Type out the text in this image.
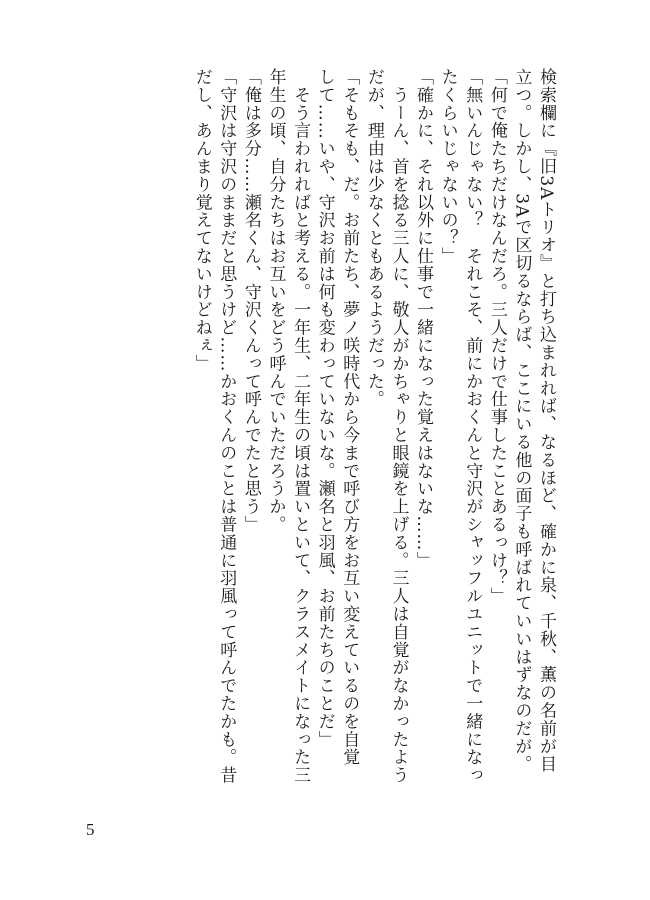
検索欄に『旧3Aトリオ』と打ち込まれれば、なるほど、確かに泉、千秋、薫の名前が目

立つ。しかし、3Aで区切るならば、ここにいる他の面子も呼ばれていいはずなのだが。

「何で俺たちだけなんだろ。三人だけで仕事したことあるっけ？」

「無いんじゃない？　それこそ、前にかおくんと守沢がシャッフルユニットで一緒になっ

たくらいじゃないの？」

「確かに、それ以外に仕事で一緒になった覚えはないな……」

　うーん、首を捻る三人に、敬人がかちゃりと眼鏡を上げる。三人は自覚がなかったよう

だが、理由は少なくともあるようだった。

「そもそも、だ。お前たち、夢ノ咲時代から今まで呼び方をお互い変えているのを自覚

して……いや、守沢お前は何も変わっていないな。瀬名と羽風、お前たちのことだ」

　そう言われればと考える。一年生、二年生の頃は置いといて、クラスメイトになった三

年生の頃、自分たちはお互いをどう呼んでいただろうか。

「俺は多分……瀬名くん、守沢くんって呼んでたと思う」

「守沢は守沢のままだと思うけど……かおくんのことは普通に羽風って呼んでたかも。昔

だし、あんまり覚えてないけどねぇ」

5
